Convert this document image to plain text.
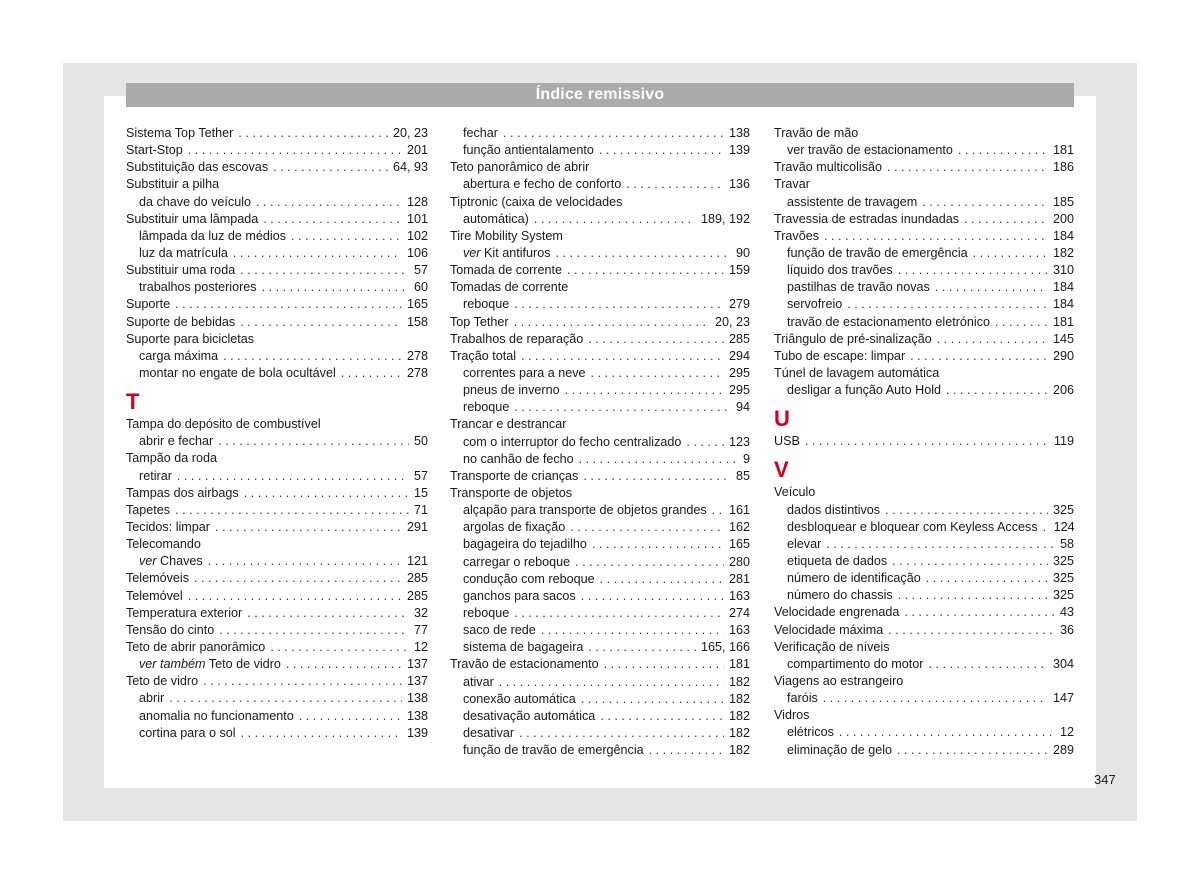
Índice remissivo
Sistema Top Tether . . .	20, 23
Start-Stop . . .	201
Substituição das escovas . . .	64, 93
Substituir a pilha
da chave do veículo . . .	128
Substituir uma lâmpada . . .	101
lâmpada da luz de médios . . .	102
luz da matrícula . . .	106
Substituir uma roda . . .	57
trabalhos posteriores . . .	60
Suporte . . .	165
Suporte de bebidas . . .	158
Suporte para bicicletas
carga máxima . . .	278
montar no engate de bola ocultável . . .	278
T
Tampa do depósito de combustível
abrir e fechar . . .	50
Tampão da roda
retirar . . .	57
Tampas dos airbags . . .	15
Tapetes . . .	71
Tecidos: limpar . . .	291
Telecomando
ver Chaves . . .	121
Telemóveis . . .	285
Telemóvel . . .	285
Temperatura exterior . . .	32
Tensão do cinto . . .	77
Teto de abrir panorâmico . . .	12
ver também Teto de vidro . . .	137
Teto de vidro . . .	137
abrir . . .	138
anomalia no funcionamento . . .	138
cortina para o sol . . .	139
fechar . . .	138
função antientalamento . . .	139
Teto panorâmico de abrir
abertura e fecho de conforto . . .	136
Tiptronic (caixa de velocidades
automática) . . .	189, 192
Tire Mobility System
ver Kit antifuros . . .	90
Tomada de corrente . . .	159
Tomadas de corrente
reboque . . .	279
Top Tether . . .	20, 23
Trabalhos de reparação . . .	285
Tração total . . .	294
correntes para a neve . . .	295
pneus de inverno . . .	295
reboque . . .	94
Trancar e destrancar
com o interruptor do fecho centralizado . . .	123
no canhão de fecho . . .	9
Transporte de crianças . . .	85
Transporte de objetos
alçapão para transporte de objetos grandes . . . 161
argolas de fixação . . .	162
bagageira do tejadilho . . .	165
carregar o reboque . . .	280
condução com reboque . . .	281
ganchos para sacos . . .	163
reboque . . .	274
saco de rede . . .	163
sistema de bagageira . . .	165, 166
Travão de estacionamento . . .	181
ativar . . .	182
conexão automática . . .	182
desativação automática . . .	182
desativar . . .	182
função de travão de emergência . . .	182
Travão de mão
ver travão de estacionamento . . .	181
Travão multicolisão . . .	186
Travar
assistente de travagem . . .	185
Travessia de estradas inundadas . . .	200
Travões . . .	184
função de travão de emergência . . .	182
líquido dos travões . . .	310
pastilhas de travão novas . . .	184
servofreio . . .	184
travão de estacionamento eletrónico . . .	181
Triângulo de pré-sinalização . . .	145
Tubo de escape: limpar . . .	290
Túnel de lavagem automática
desligar a função Auto Hold . . .	206
U
USB . . .	119
V
Veículo
dados distintivos . . .	325
desbloquear e bloquear com Keyless Access . . . 124
elevar . . .	58
etiqueta de dados . . .	325
número de identificação . . .	325
número do chassis . . .	325
Velocidade engrenada . . .	43
Velocidade máxima . . .	36
Verificação de níveis
compartimento do motor . . .	304
Viagens ao estrangeiro
faróis . . .	147
Vidros
elétricos . . .	12
eliminação de gelo . . .	289
347
